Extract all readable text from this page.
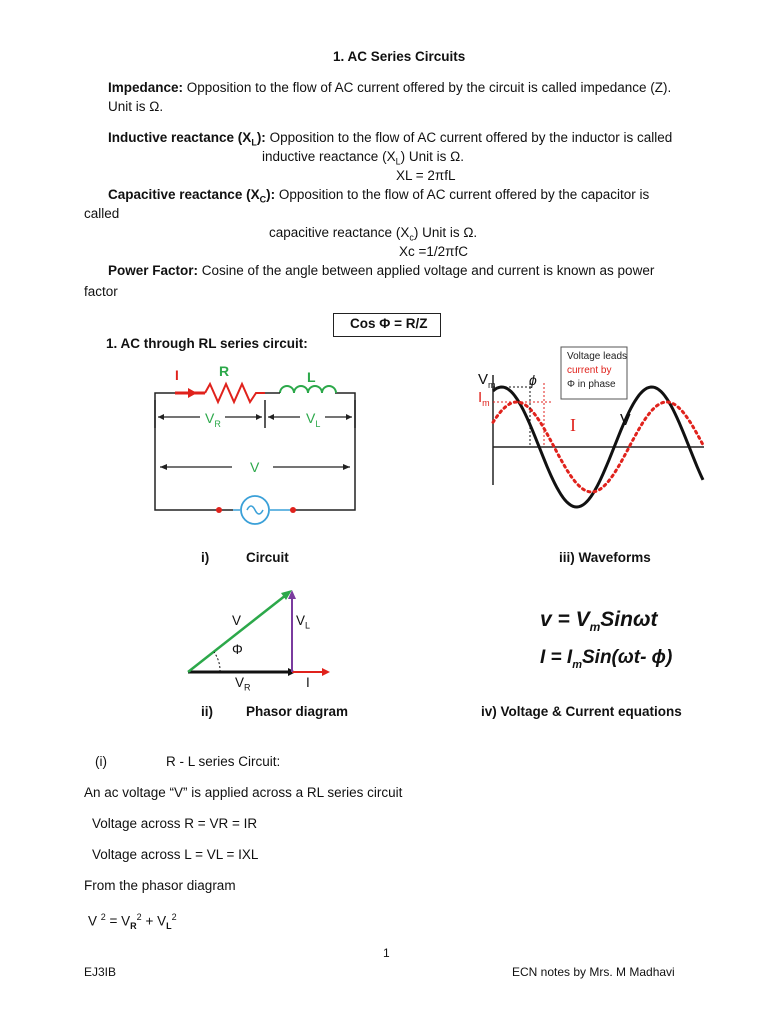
1. AC Series Circuits
Impedance: Opposition to the flow of AC current offered by the circuit is called impedance (Z).
Unit is Ω.
Inductive reactance $(X_L)$: Opposition to the flow of AC current offered by the inductor is called
inductive reactance $(X_L)$ Unit is Ω.
XL = 2πfL
Capacitive reactance $(X_C)$: Opposition to the flow of AC current offered by the capacitor is
called
capacitive reactance $(X_c)$ Unit is Ω.
Xc =1/2πfC
Power Factor: Cosine of the angle between applied voltage and current is known as power
factor
Cos Φ = R/Z
1. AC through RL series circuit:
I	R	L
$V_R$	$V_L$
V
Voltage leads
current by
Φ in phase
$V_m$
$I_m$
ϕ
I	V
i)	Circuit	iii) Waveforms
V	$V_L$
Φ
$V_R$	I
$v = V_mSin\omega t$
$I = I_mSin(\omega t-$ ɸ)
ii) Phasor diagram	iv) Voltage & Current equations
(i)	R - L series Circuit:
An ac voltage “V” is applied across a RL series circuit
Voltage across R = VR = IR
Voltage across L = VL = IXL
From the phasor diagram
V $^2 = V_R^2 + V_L^2$
1
EJ3IB	ECN notes by Mrs. M Madhavi
